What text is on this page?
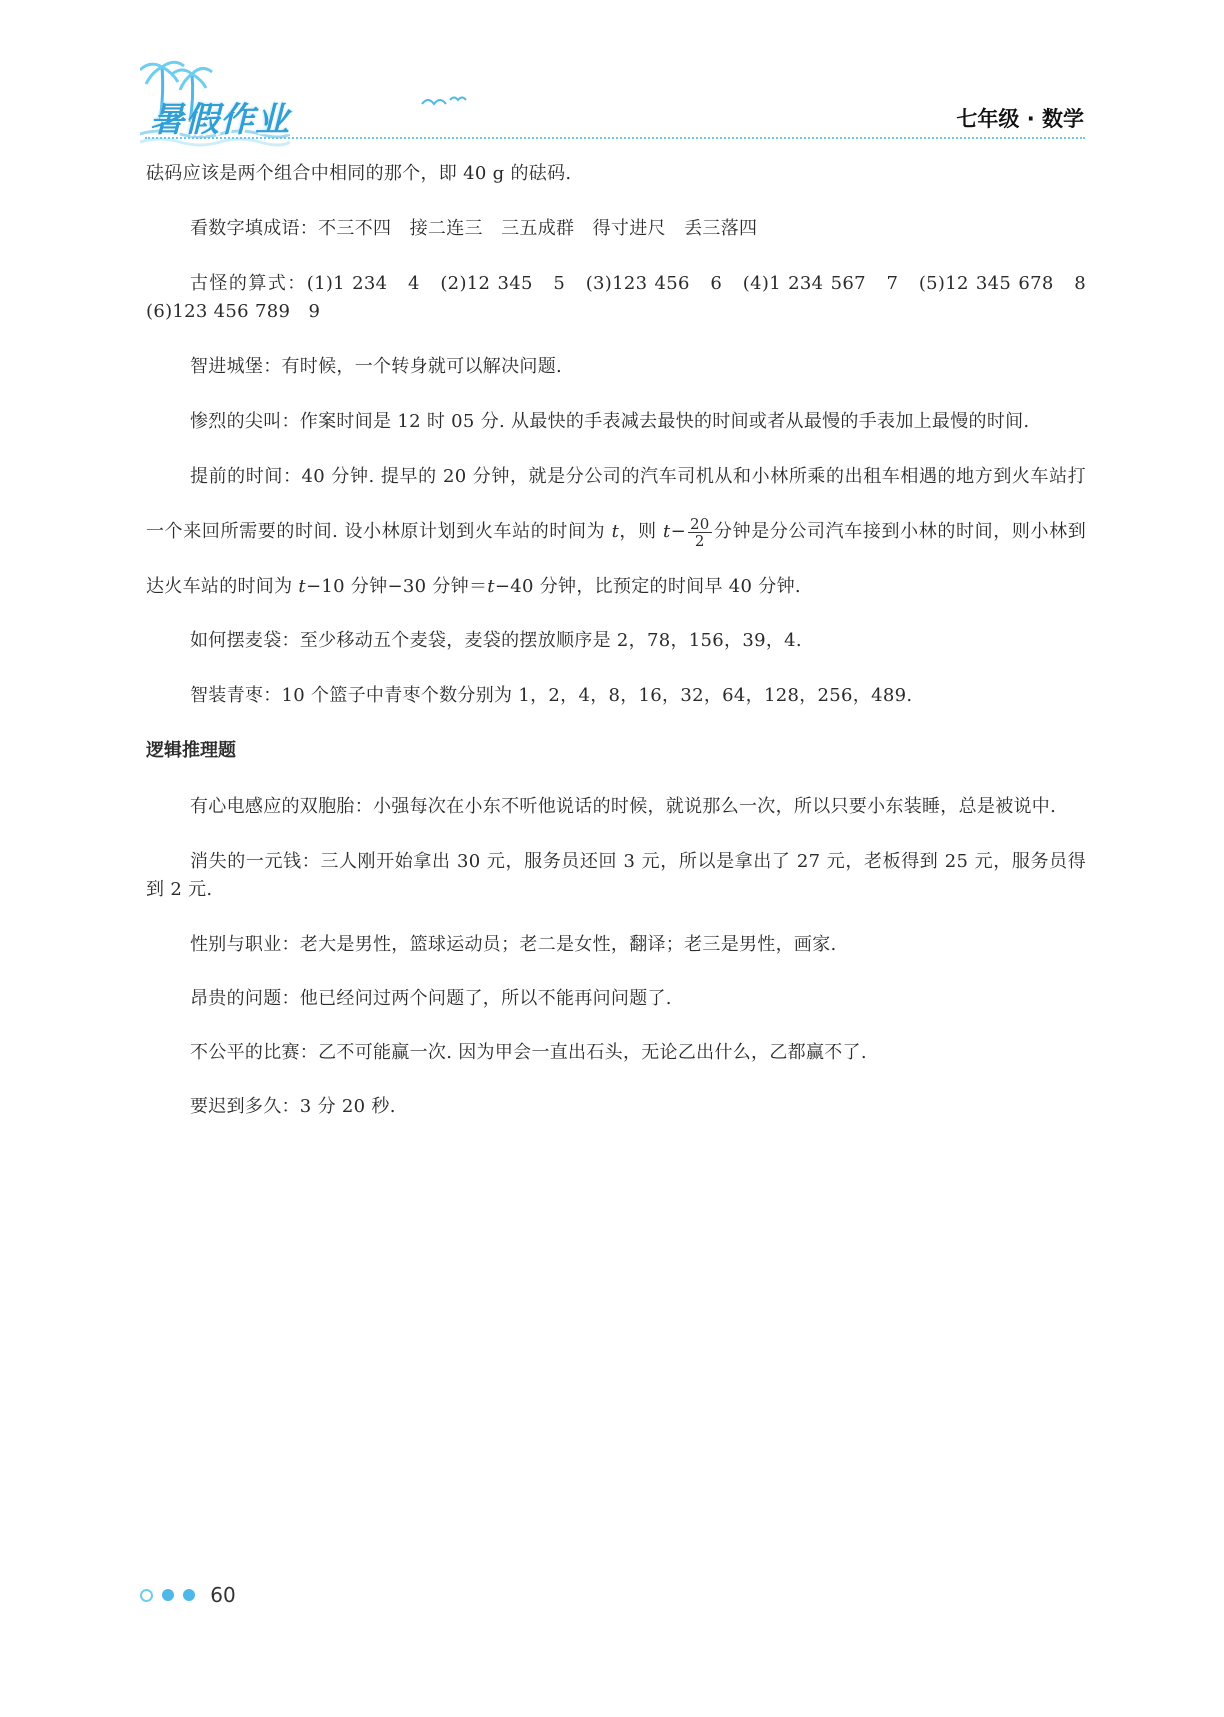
暑假作业	七年级 · 数学

砝码应该是两个组合中相同的那个，即 40 g 的砝码.

看数字填成语：不三不四　接二连三　三五成群　得寸进尺　丢三落四

古怪的算式：(1)1 234　4　(2)12 345　5　(3)123 456　6　(4)1 234 567　7　(5)12 345 678　8　(6)123 456 789　9

智进城堡：有时候，一个转身就可以解决问题.

惨烈的尖叫：作案时间是 12 时 05 分. 从最快的手表减去最快的时间或者从最慢的手表加上最慢的时间.

提前的时间：40 分钟. 提早的 20 分钟，就是分公司的汽车司机从和小林所乘的出租车相遇的地方到火车站打一个来回所需要的时间. 设小林原计划到火车站的时间为 t，则 $t- \frac{20}{2}$ 分钟是分公司汽车接到小林的时间，则小林到达火车站的时间为 t−10 分钟−30 分钟＝t−40 分钟，比预定的时间早 40 分钟.

如何摆麦袋：至少移动五个麦袋，麦袋的摆放顺序是 2，78，156，39，4.

智装青枣：10 个篮子中青枣个数分别为 1，2，4，8，16，32，64，128，256，489.

逻辑推理题

有心电感应的双胞胎：小强每次在小东不听他说话的时候，就说那么一次，所以只要小东装睡，总是被说中.

消失的一元钱：三人刚开始拿出 30 元，服务员还回 3 元，所以是拿出了 27 元，老板得到 25 元，服务员得到 2 元.

性别与职业：老大是男性，篮球运动员；老二是女性，翻译；老三是男性，画家.

昂贵的问题：他已经问过两个问题了，所以不能再问问题了.

不公平的比赛：乙不可能赢一次. 因为甲会一直出石头，无论乙出什么，乙都赢不了.

要迟到多久：3 分 20 秒.

60
